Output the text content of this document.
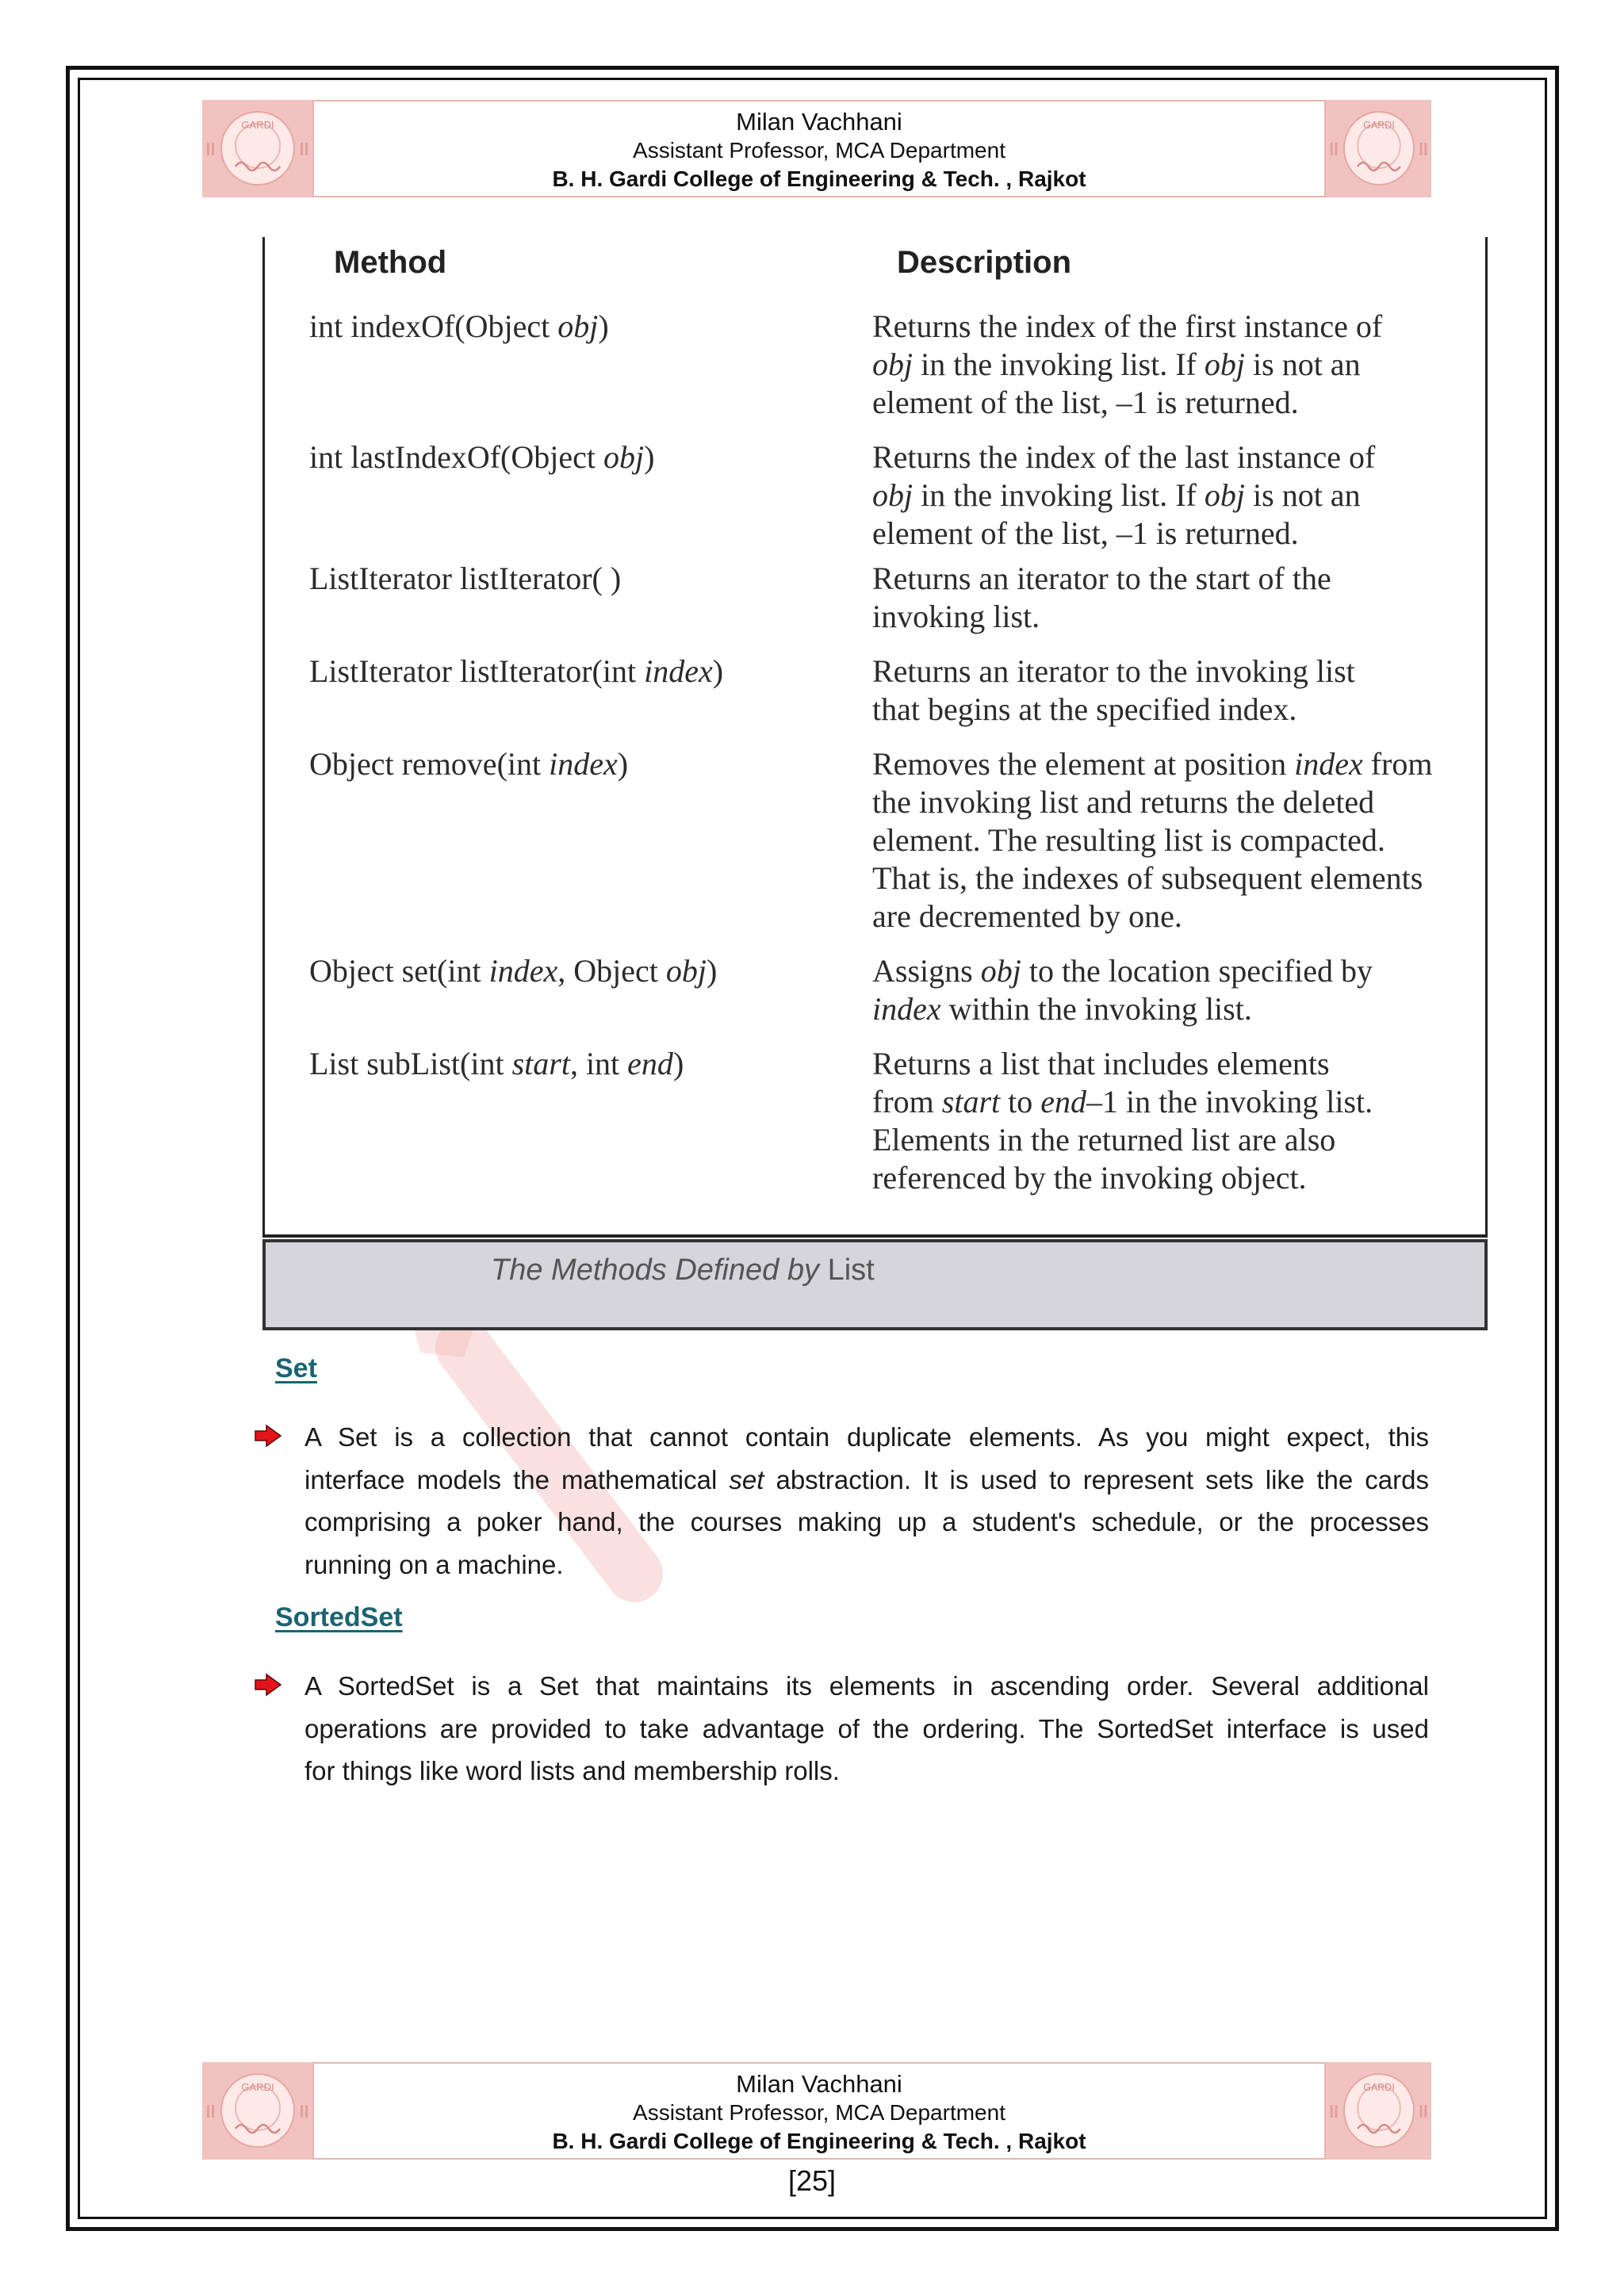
GARDI	Milan Vachhani
Assistant Professor, MCA Department
B. H. Gardi College of Engineering & Tech. , Rajkot
GARDI
Method	Description
int indexOf(Object obj)	Returns the index of the first instance of
obj in the invoking list. If obj is not an
element of the list, –1 is returned.
int lastIndexOf(Object obj)	Returns the index of the last instance of
obj in the invoking list. If obj is not an
element of the list, –1 is returned.
ListIterator listIterator( )	Returns an iterator to the start of the
invoking list.
ListIterator listIterator(int index)	Returns an iterator to the invoking list
that begins at the specified index.
Object remove(int index)	Removes the element at position index from
the invoking list and returns the deleted
element. The resulting list is compacted.
That is, the indexes of subsequent elements
are decremented by one.
Object set(int index, Object obj)	Assigns obj to the location specified by
index within the invoking list.
List subList(int start, int end)	Returns a list that includes elements
from start to end–1 in the invoking list.
Elements in the returned list are also
referenced by the invoking object.
The Methods Defined by List
Set
A Set is a collection that cannot contain duplicate elements. As you might expect, this
interface models the mathematical set abstraction. It is used to represent sets like the cards
comprising a poker hand, the courses making up a student's schedule, or the processes
running on a machine.
SortedSet
A SortedSet is a Set that maintains its elements in ascending order. Several additional
operations are provided to take advantage of the ordering. The SortedSet interface is used
for things like word lists and membership rolls.
GARDI	Milan Vachhani
Assistant Professor, MCA Department
B. H. Gardi College of Engineering & Tech. , Rajkot
GARDI
[25]
